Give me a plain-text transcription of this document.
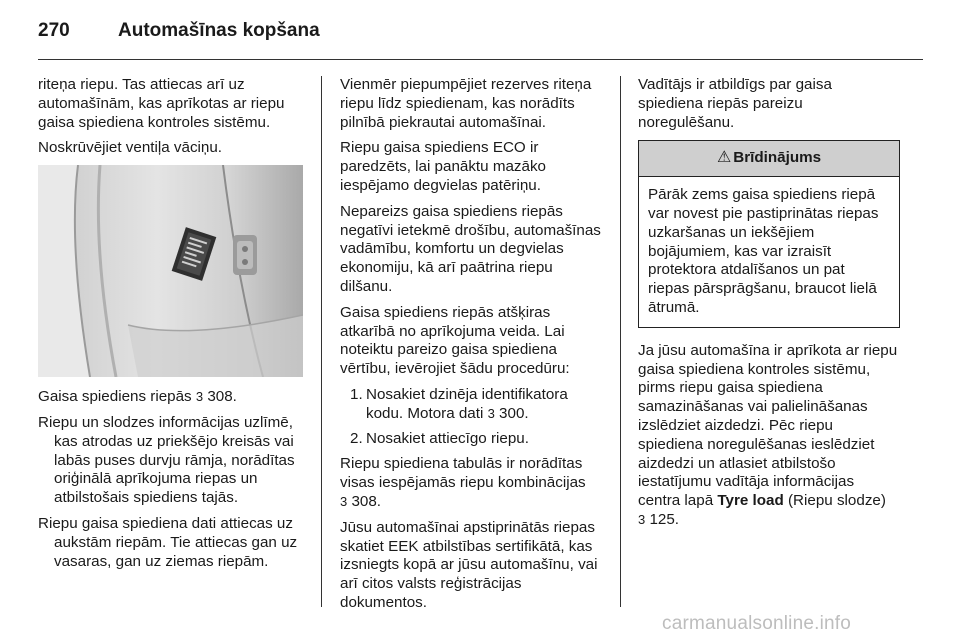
270	Automašīnas kopšana

riteņa riepu. Tas attiecas arī uz automašīnām, kas aprīkotas ar riepu gaisa spiediena kontroles sistēmu.

Noskrūvējiet ventiļa vāciņu.

Gaisa spiediens riepās 3 308.

Riepu un slodzes informācijas uzlīmē, kas atrodas uz priekšējo kreisās vai labās puses durvju rāmja, norādītas oriģinālā aprīkojuma riepas un atbilstošais spiediens tajās.

Riepu gaisa spiediena dati attiecas uz aukstām riepām. Tie attiecas gan uz vasaras, gan uz ziemas riepām.

Vienmēr piepumpējiet rezerves riteņa riepu līdz spiedienam, kas norādīts pilnībā piekrautai automašīnai.

Riepu gaisa spiediens ECO ir paredzēts, lai panāktu mazāko iespējamo degvielas patēriņu.

Nepareizs gaisa spiediens riepās negatīvi ietekmē drošību, automašīnas vadāmību, komfortu un degvielas ekonomiju, kā arī paātrina riepu dilšanu.

Gaisa spiediens riepās atšķiras atkarībā no aprīkojuma veida. Lai noteiktu pareizo gaisa spiediena vērtību, ievērojiet šādu procedūru:

1. Nosakiet dzinēja identifikatora kodu. Motora dati 3 300.
2. Nosakiet attiecīgo riepu.

Riepu spiediena tabulās ir norādītas visas iespējamās riepu kombinācijas
3 308.

Jūsu automašīnai apstiprinātās riepas skatiet EEK atbilstības sertifikātā, kas izsniegts kopā ar jūsu automašīnu, vai arī citos valsts reģistrācijas dokumentos.

Vadītājs ir atbildīgs par gaisa spiediena riepās pareizu noregulēšanu.

⚠ Brīdinājums
Pārāk zems gaisa spiediens riepā var novest pie pastiprinātas riepas uzkaršanas un iekšējiem bojājumiem, kas var izraisīt protektora atdalīšanos un pat riepas pārsprāgšanu, braucot lielā ātrumā.

Ja jūsu automašīna ir aprīkota ar riepu gaisa spiediena kontroles sistēmu, pirms riepu gaisa spiediena samazināšanas vai palielināšanas izslēdziet aizdedzi. Pēc riepu spiediena noregulēšanas ieslēdziet aizdedzi un atlasiet atbilstošo iestatījumu vadītāja informācijas centra lapā Tyre load (Riepu slodze)
3 125.

carmanualsonline.info
